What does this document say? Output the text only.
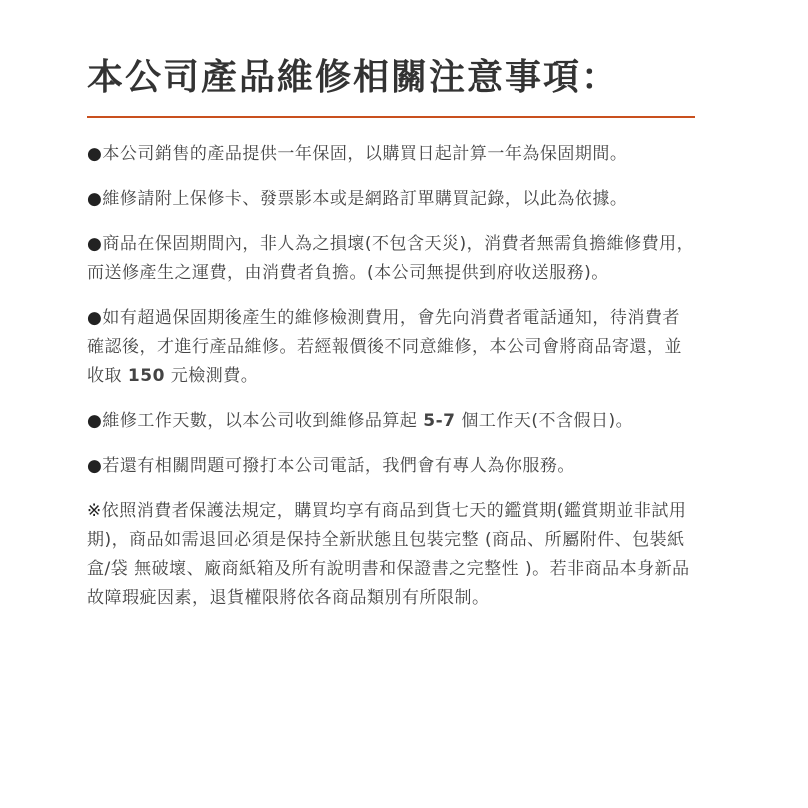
本公司產品維修相關注意事項：

●本公司銷售的產品提供一年保固，以購買日起計算一年為保固期間。

●維修請附上保修卡、發票影本或是網路訂單購買記錄，以此為依據。

●商品在保固期間內，非人為之損壞(不包含天災)，消費者無需負擔維修費用，而送修產生之運費，由消費者負擔。(本公司無提供到府收送服務)。

●如有超過保固期後產生的維修檢測費用，會先向消費者電話通知，待消費者確認後，才進行產品維修。若經報價後不同意維修，本公司會將商品寄還，並收取 150 元檢測費。

●維修工作天數，以本公司收到維修品算起 5-7 個工作天(不含假日)。

●若還有相關問題可撥打本公司電話，我們會有專人為你服務。

※依照消費者保護法規定，購買均享有商品到貨七天的鑑賞期(鑑賞期並非試用期)，商品如需退回必須是保持全新狀態且包裝完整 (商品、所屬附件、包裝紙盒/袋 無破壞、廠商紙箱及所有說明書和保證書之完整性 )。若非商品本身新品故障瑕疵因素，退貨權限將依各商品類別有所限制。
